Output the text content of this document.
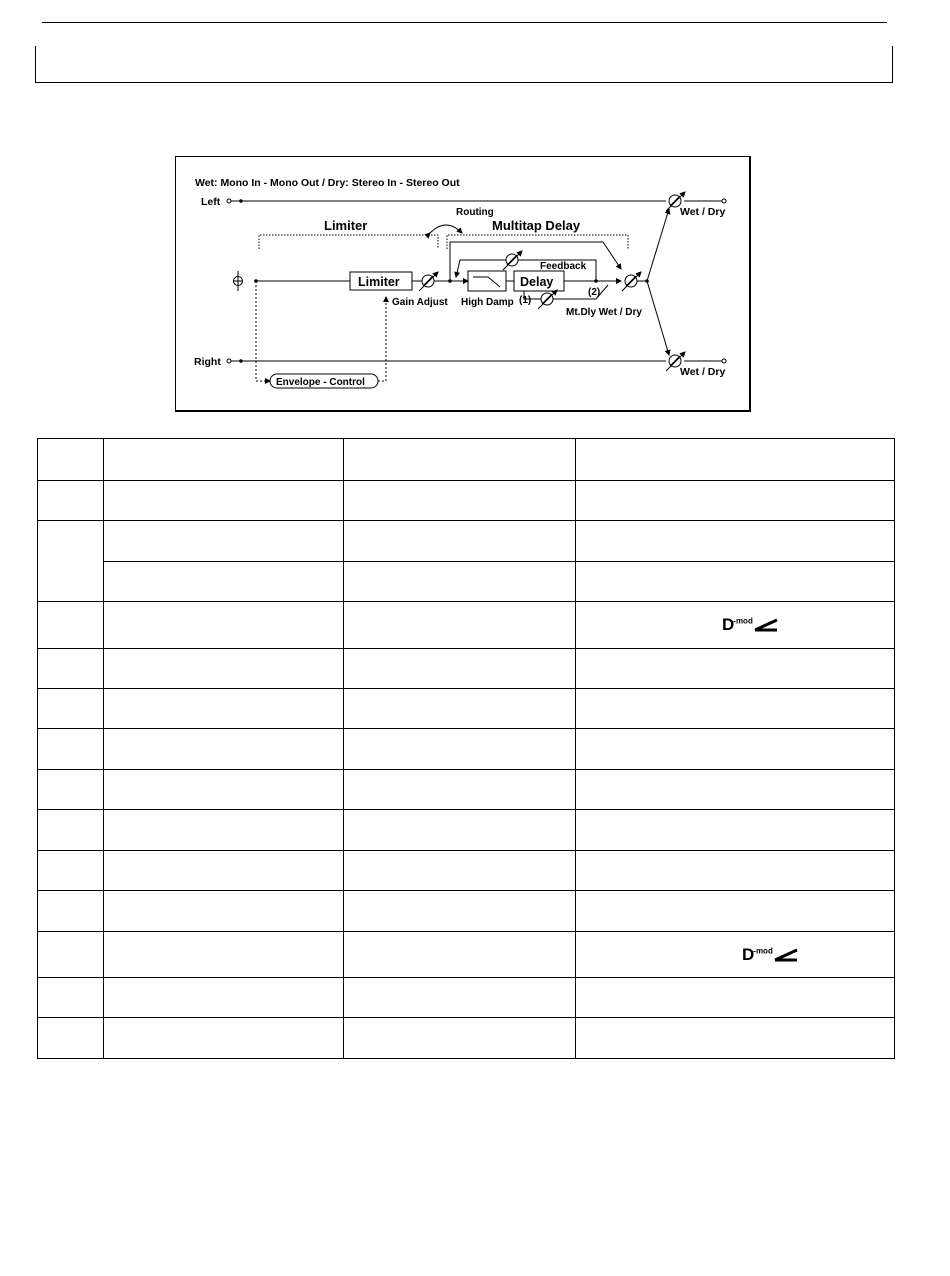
Wet: Mono In - Mono Out / Dry: Stereo In - Stereo Out
Left
Wet / Dry
Limiter	Multitap Delay
Routing
Limiter
Gain Adjust High Damp
Delay
Feedback
(1)
(2)
Mt.Dly Wet / Dry
Right
Wet / Dry
Envelope - Control

			$D^{-mod}$

			$D^{-mod}$
